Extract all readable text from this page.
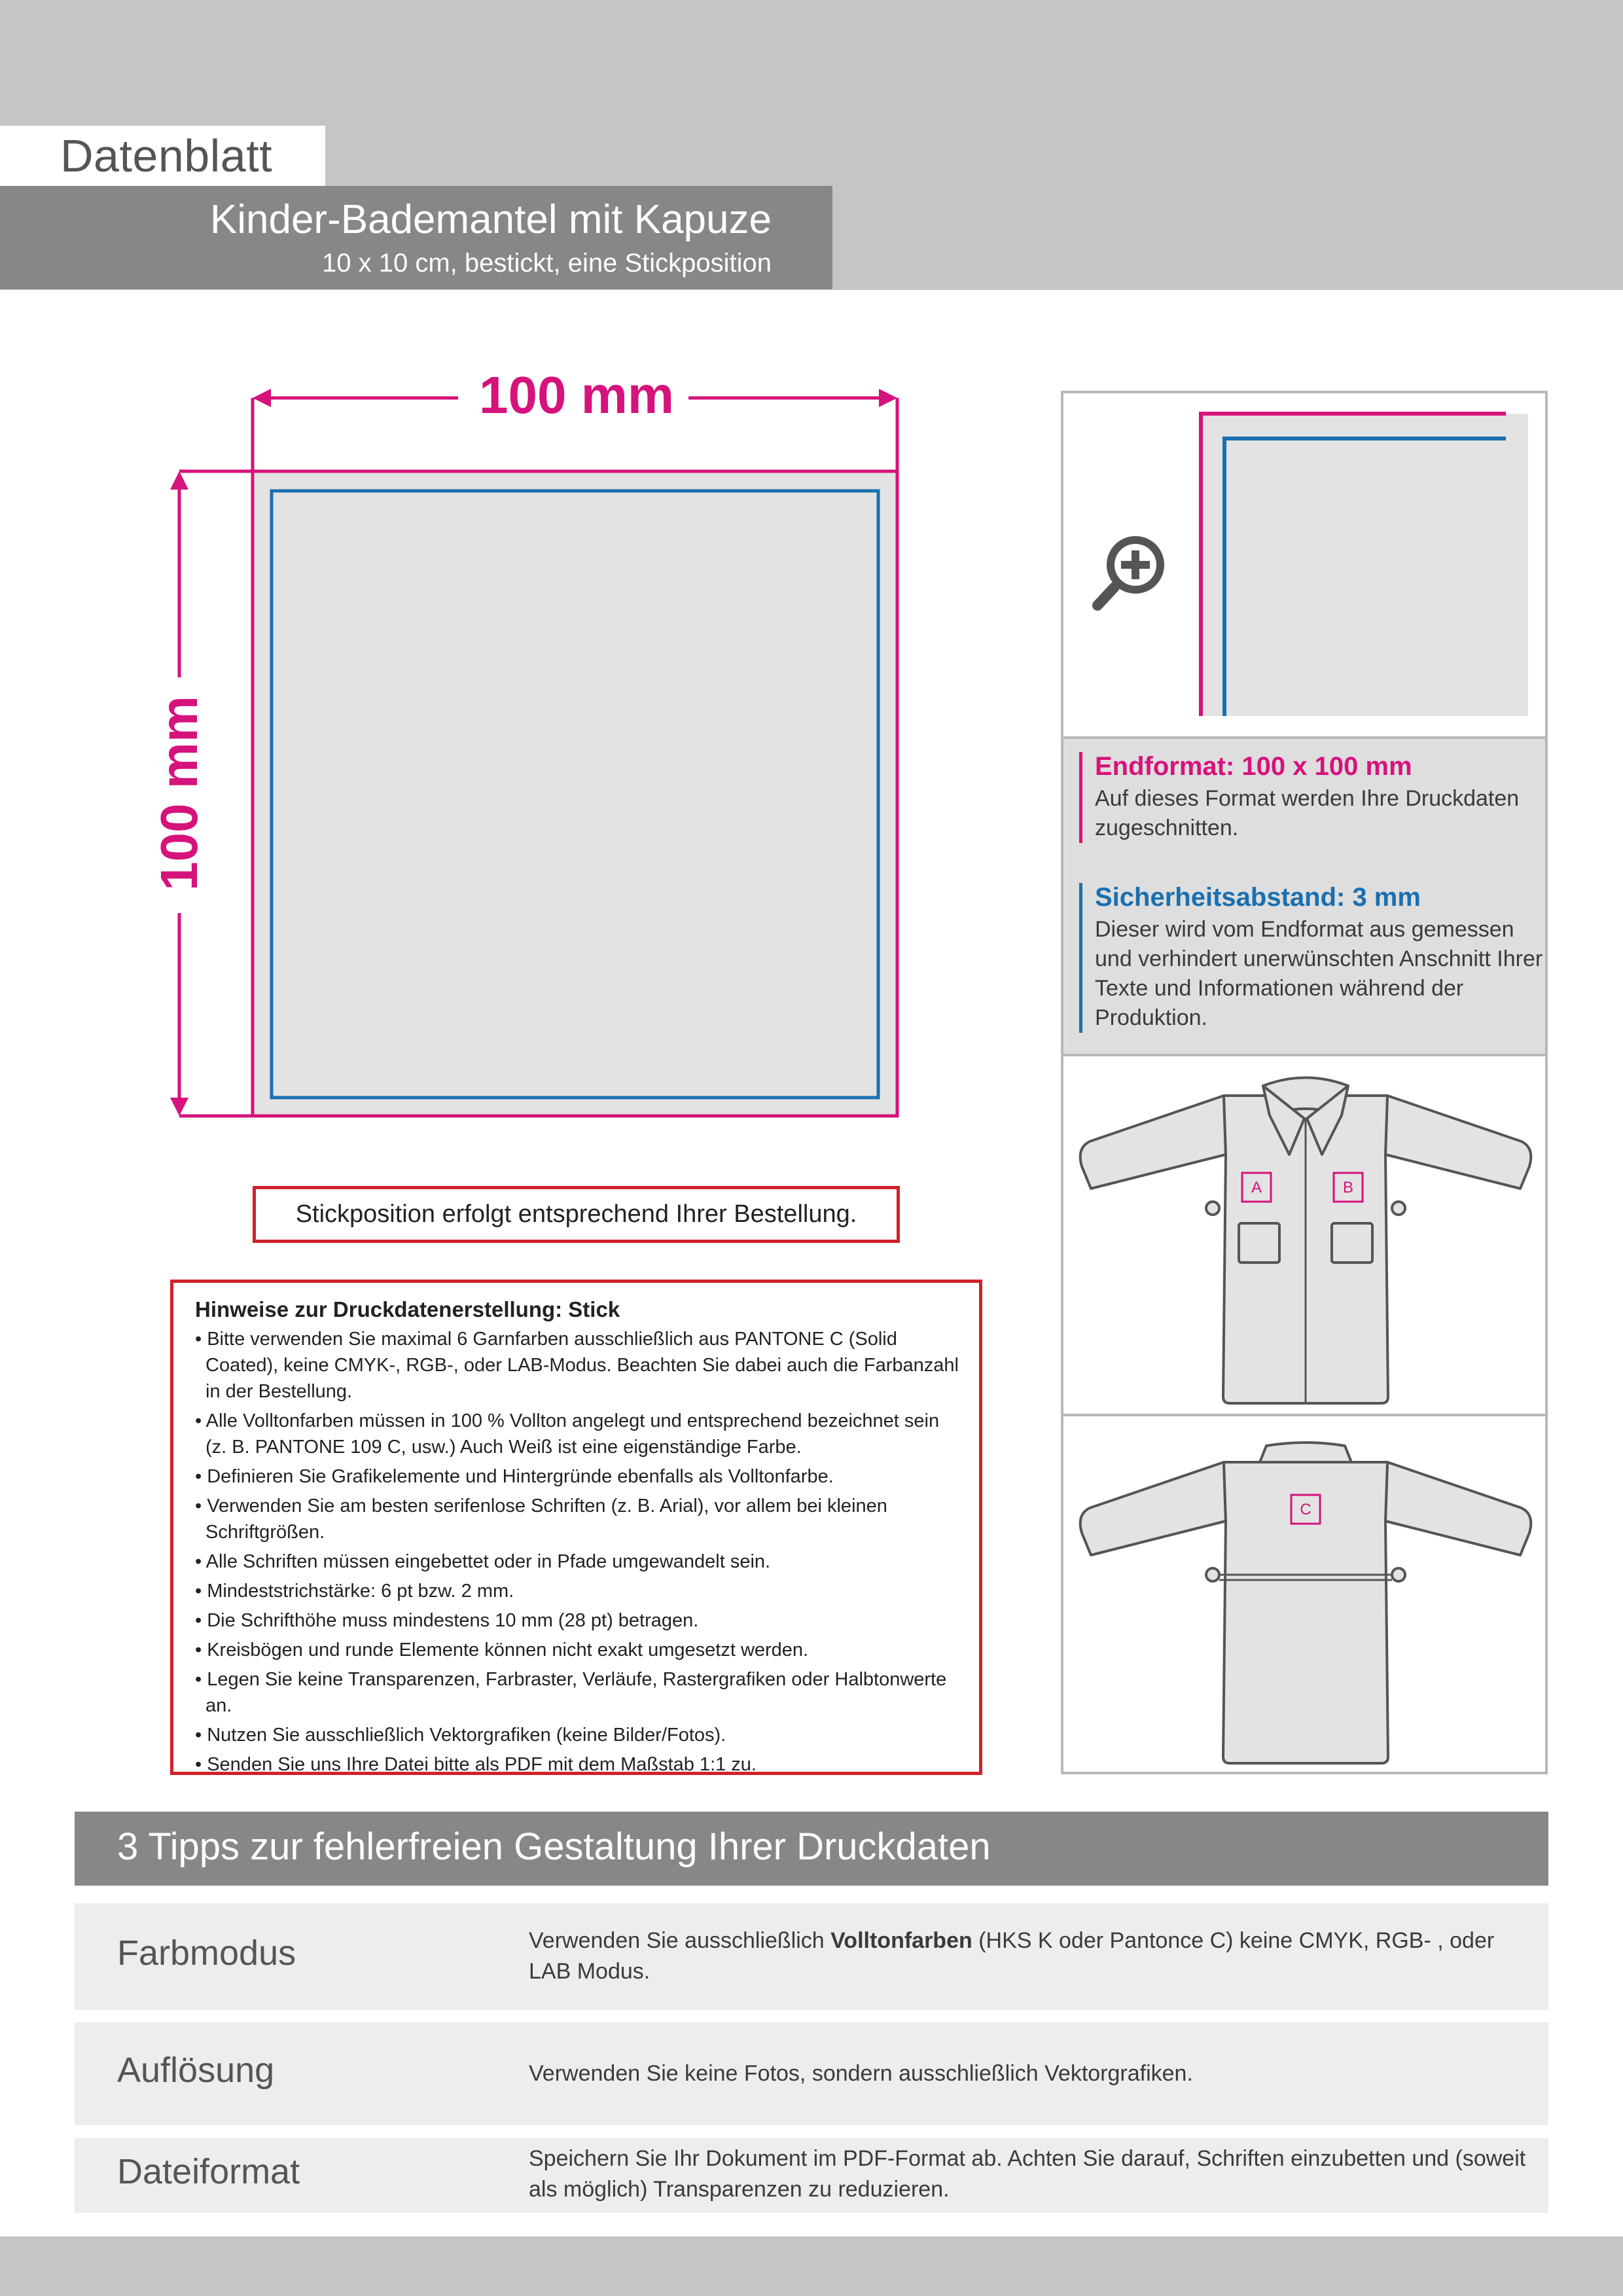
Datenblatt
Kinder-Bademantel mit Kapuze
10 x 10 cm, bestickt, eine Stickposition
100 mm
100 mm
Stickposition erfolgt entsprechend Ihrer Bestellung.
Hinweise zur Druckdatenerstellung: Stick
• Bitte verwenden Sie maximal 6 Garnfarben ausschließlich aus PANTONE C (Solid Coated), keine CMYK-, RGB-, oder LAB-Modus. Beachten Sie dabei auch die Farbanzahl in der Bestellung.
• Alle Volltonfarben müssen in 100 % Vollton angelegt und entsprechend bezeichnet sein (z. B. PANTONE 109 C, usw.) Auch Weiß ist eine eigenständige Farbe.
• Definieren Sie Grafikelemente und Hintergründe ebenfalls als Volltonfarbe.
• Verwenden Sie am besten serifenlose Schriften (z. B. Arial), vor allem bei kleinen Schriftgrößen.
• Alle Schriften müssen eingebettet oder in Pfade umgewandelt sein.
• Mindeststrichstärke: 6 pt bzw. 2 mm.
• Die Schrifthöhe muss mindestens 10 mm (28 pt) betragen.
• Kreisbögen und runde Elemente können nicht exakt umgesetzt werden.
• Legen Sie keine Transparenzen, Farbraster, Verläufe, Rastergrafiken oder Halbtonwerte an.
• Nutzen Sie ausschließlich Vektorgrafiken (keine Bilder/Fotos).
• Senden Sie uns Ihre Datei bitte als PDF mit dem Maßstab 1:1 zu.
Endformat: 100 x 100 mm

Auf dieses Format werden Ihre Druckdaten zugeschnitten.

Sicherheitsabstand: 3 mm

Dieser wird vom Endformat aus gemessen und verhindert unerwünschten Anschnitt Ihrer Texte und Informationen während der Produktion.

A	B
C
3 Tipps zur fehlerfreien Gestaltung Ihrer Druckdaten
Farbmodus	Verwenden Sie ausschließlich Volltonfarben (HKS K oder Pantonce C) keine CMYK, RGB- , oder LAB Modus.
Auflösung	Verwenden Sie keine Fotos, sondern ausschließlich Vektorgrafiken.
Dateiformat	Speichern Sie Ihr Dokument im PDF-Format ab. Achten Sie darauf, Schriften einzubetten und (soweit als möglich) Transparenzen zu reduzieren.
